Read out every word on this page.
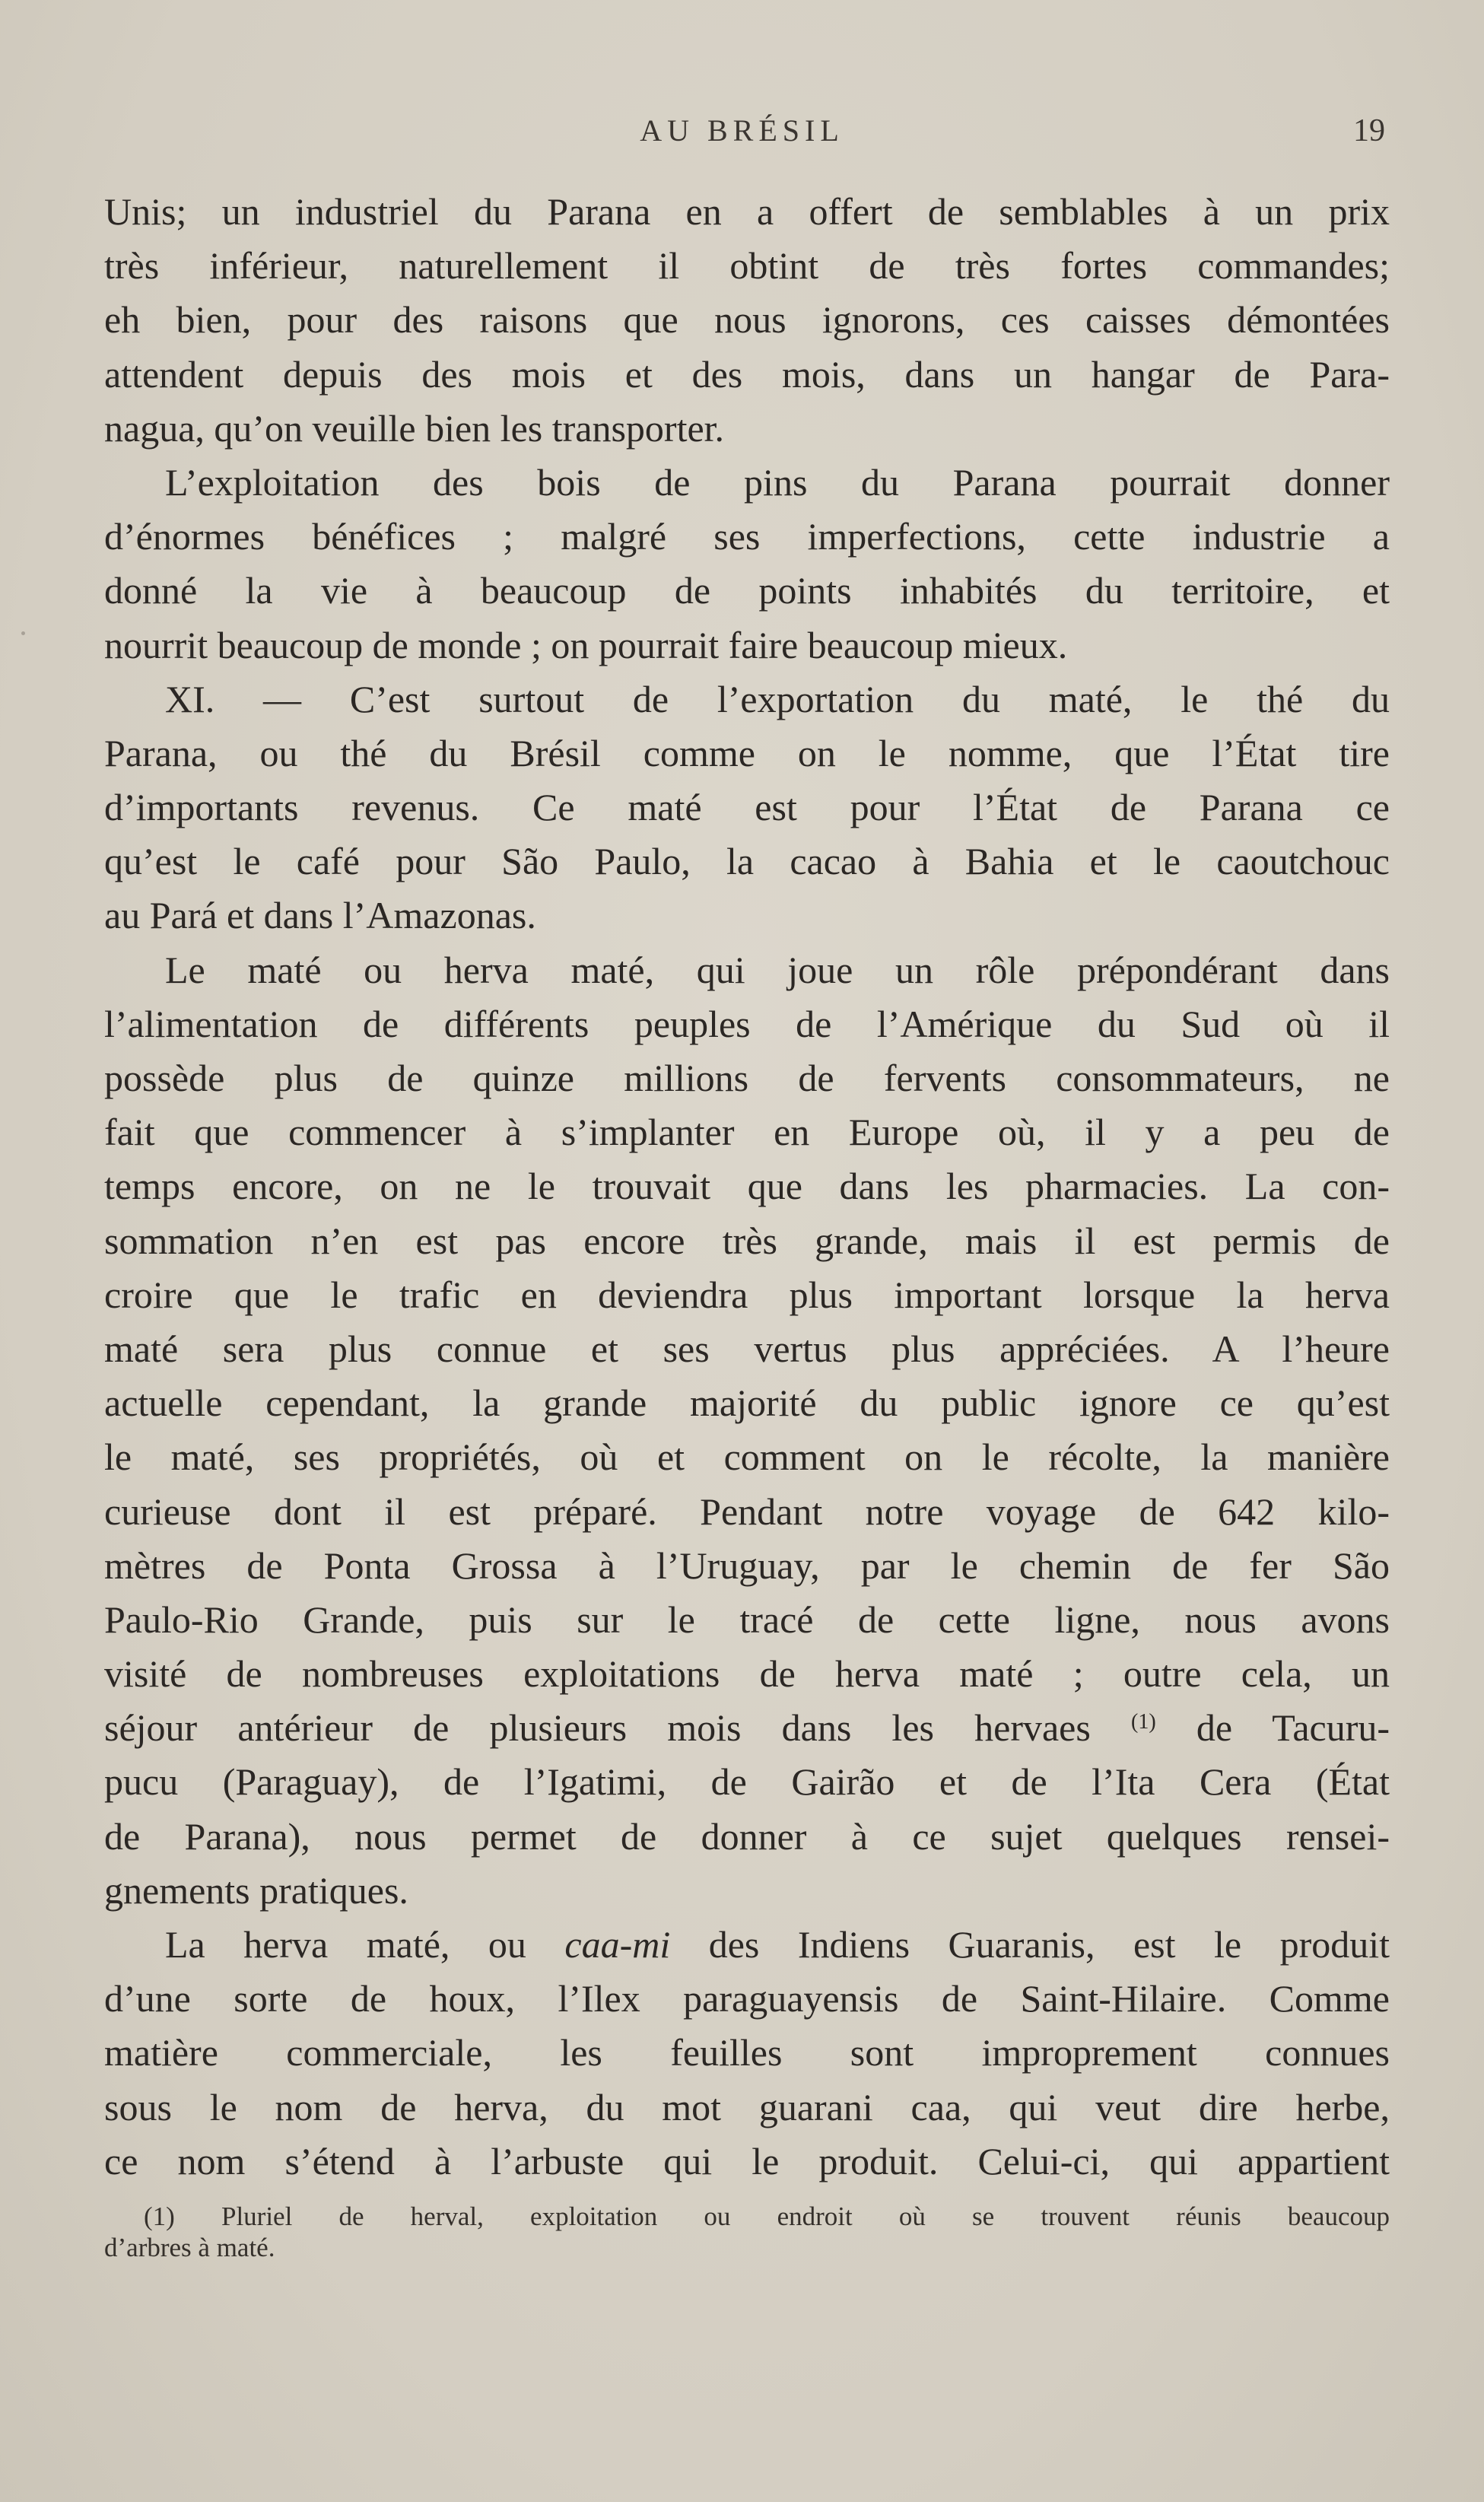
AU BRÉSIL	19
Unis; un industriel du Parana en a offert de semblables à un prix
très inférieur, naturellement il obtint de très fortes commandes;
eh bien, pour des raisons que nous ignorons, ces caisses démontées
attendent depuis des mois et des mois, dans un hangar de Para-
nagua, qu’on veuille bien les transporter.
L’exploitation des bois de pins du Parana pourrait donner
d’énormes bénéfices ; malgré ses imperfections, cette industrie a
donné la vie à beaucoup de points inhabités du territoire, et
nourrit beaucoup de monde ; on pourrait faire beaucoup mieux.
XI. — C’est surtout de l’exportation du maté, le thé du
Parana, ou thé du Brésil comme on le nomme, que l’État tire
d’importants revenus. Ce maté est pour l’État de Parana ce
qu’est le café pour São Paulo, la cacao à Bahia et le caoutchouc
au Pará et dans l’Amazonas.
Le maté ou herva maté, qui joue un rôle prépondérant dans
l’alimentation de différents peuples de l’Amérique du Sud où il
possède plus de quinze millions de fervents consommateurs, ne
fait que commencer à s’implanter en Europe où, il y a peu de
temps encore, on ne le trouvait que dans les pharmacies. La con-
sommation n’en est pas encore très grande, mais il est permis de
croire que le trafic en deviendra plus important lorsque la herva
maté sera plus connue et ses vertus plus appréciées. A l’heure
actuelle cependant, la grande majorité du public ignore ce qu’est
le maté, ses propriétés, où et comment on le récolte, la manière
curieuse dont il est préparé. Pendant notre voyage de 642 kilo-
mètres de Ponta Grossa à l’Uruguay, par le chemin de fer São
Paulo-Rio Grande, puis sur le tracé de cette ligne, nous avons
visité de nombreuses exploitations de herva maté ; outre cela, un
séjour antérieur de plusieurs mois dans les hervaes $^{(1)}$ de Tacuru-
pucu (Paraguay), de l’Igatimi, de Gairão et de l’Ita Cera (État
de Parana), nous permet de donner à ce sujet quelques rensei-
gnements pratiques.
La herva maté, ou caa-mi des Indiens Guaranis, est le produit
d’une sorte de houx, l’Ilex paraguayensis de Saint-Hilaire. Comme
matière commerciale, les feuilles sont improprement connues
sous le nom de herva, du mot guarani caa, qui veut dire herbe,
ce nom s’étend à l’arbuste qui le produit. Celui-ci, qui appartient
(1) Pluriel de herval, exploitation ou endroit où se trouvent réunis beaucoup
d’arbres à maté.
